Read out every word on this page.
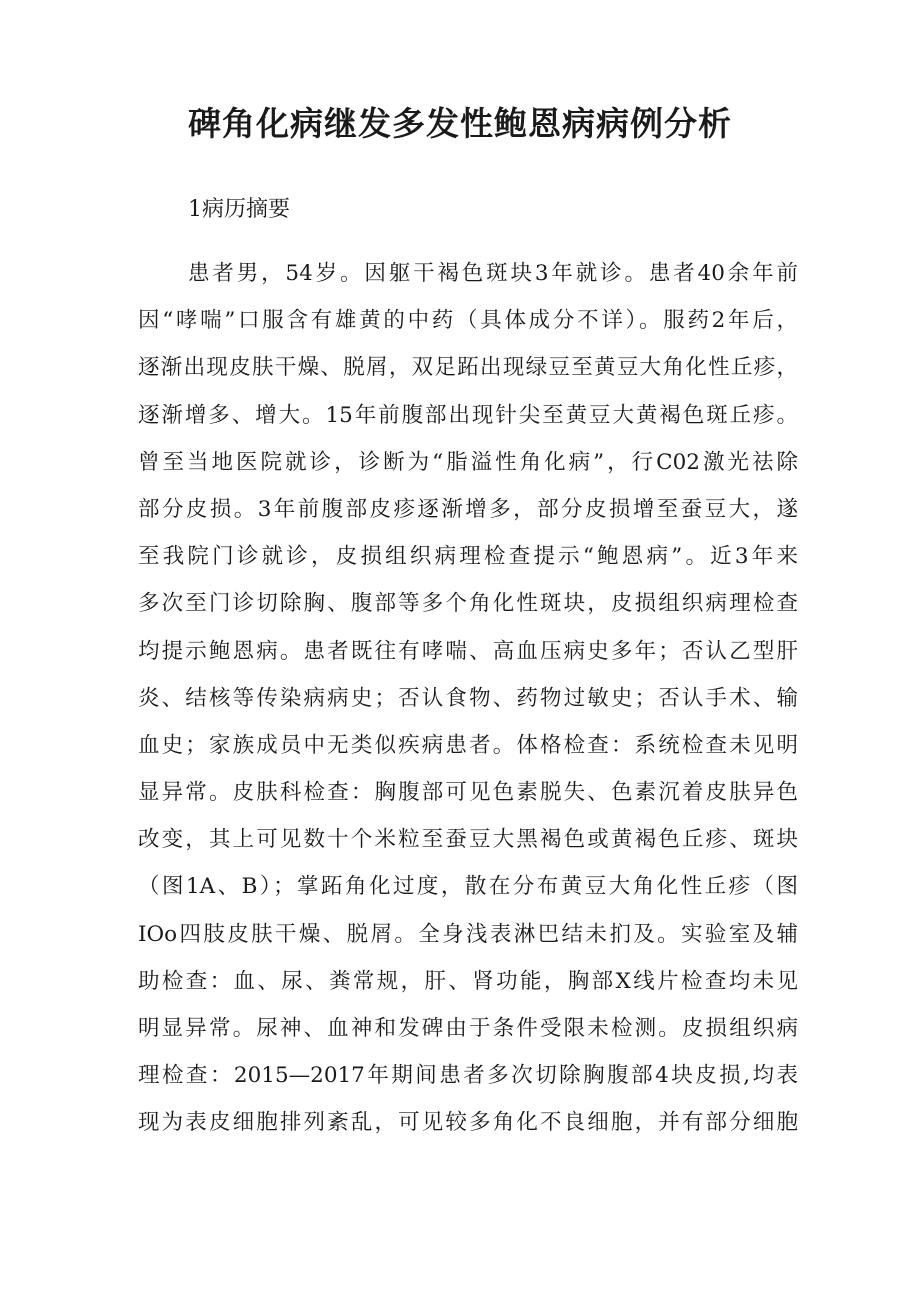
碑角化病继发多发性鲍恩病病例分析
1病历摘要
患者男，54岁。因躯干褐色斑块3年就诊。患者40余年前
因“哮喘”口服含有雄黄的中药（具体成分不详）。服药2年后，
逐渐出现皮肤干燥、脱屑，双足跖出现绿豆至黄豆大角化性丘疹，
逐渐增多、增大。15年前腹部出现针尖至黄豆大黄褐色斑丘疹。
曾至当地医院就诊，诊断为“脂溢性角化病”，行C02激光祛除
部分皮损。3年前腹部皮疹逐渐增多，部分皮损增至蚕豆大，遂
至我院门诊就诊，皮损组织病理检查提示“鲍恩病”。近3年来
多次至门诊切除胸、腹部等多个角化性斑块，皮损组织病理检查
均提示鲍恩病。患者既往有哮喘、高血压病史多年；否认乙型肝
炎、结核等传染病病史；否认食物、药物过敏史；否认手术、输
血史；家族成员中无类似疾病患者。体格检查：系统检查未见明
显异常。皮肤科检查：胸腹部可见色素脱失、色素沉着皮肤异色
改变，其上可见数十个米粒至蚕豆大黑褐色或黄褐色丘疹、斑块
（图1A、B）；掌跖角化过度，散在分布黄豆大角化性丘疹（图
IOo四肢皮肤干燥、脱屑。全身浅表淋巴结未扪及。实验室及辅
助检查：血、尿、粪常规，肝、肾功能，胸部X线片检查均未见
明显异常。尿神、血神和发碑由于条件受限未检测。皮损组织病
理检查：2015—2017年期间患者多次切除胸腹部4块皮损,均表
现为表皮细胞排列紊乱，可见较多角化不良细胞，并有部分细胞
